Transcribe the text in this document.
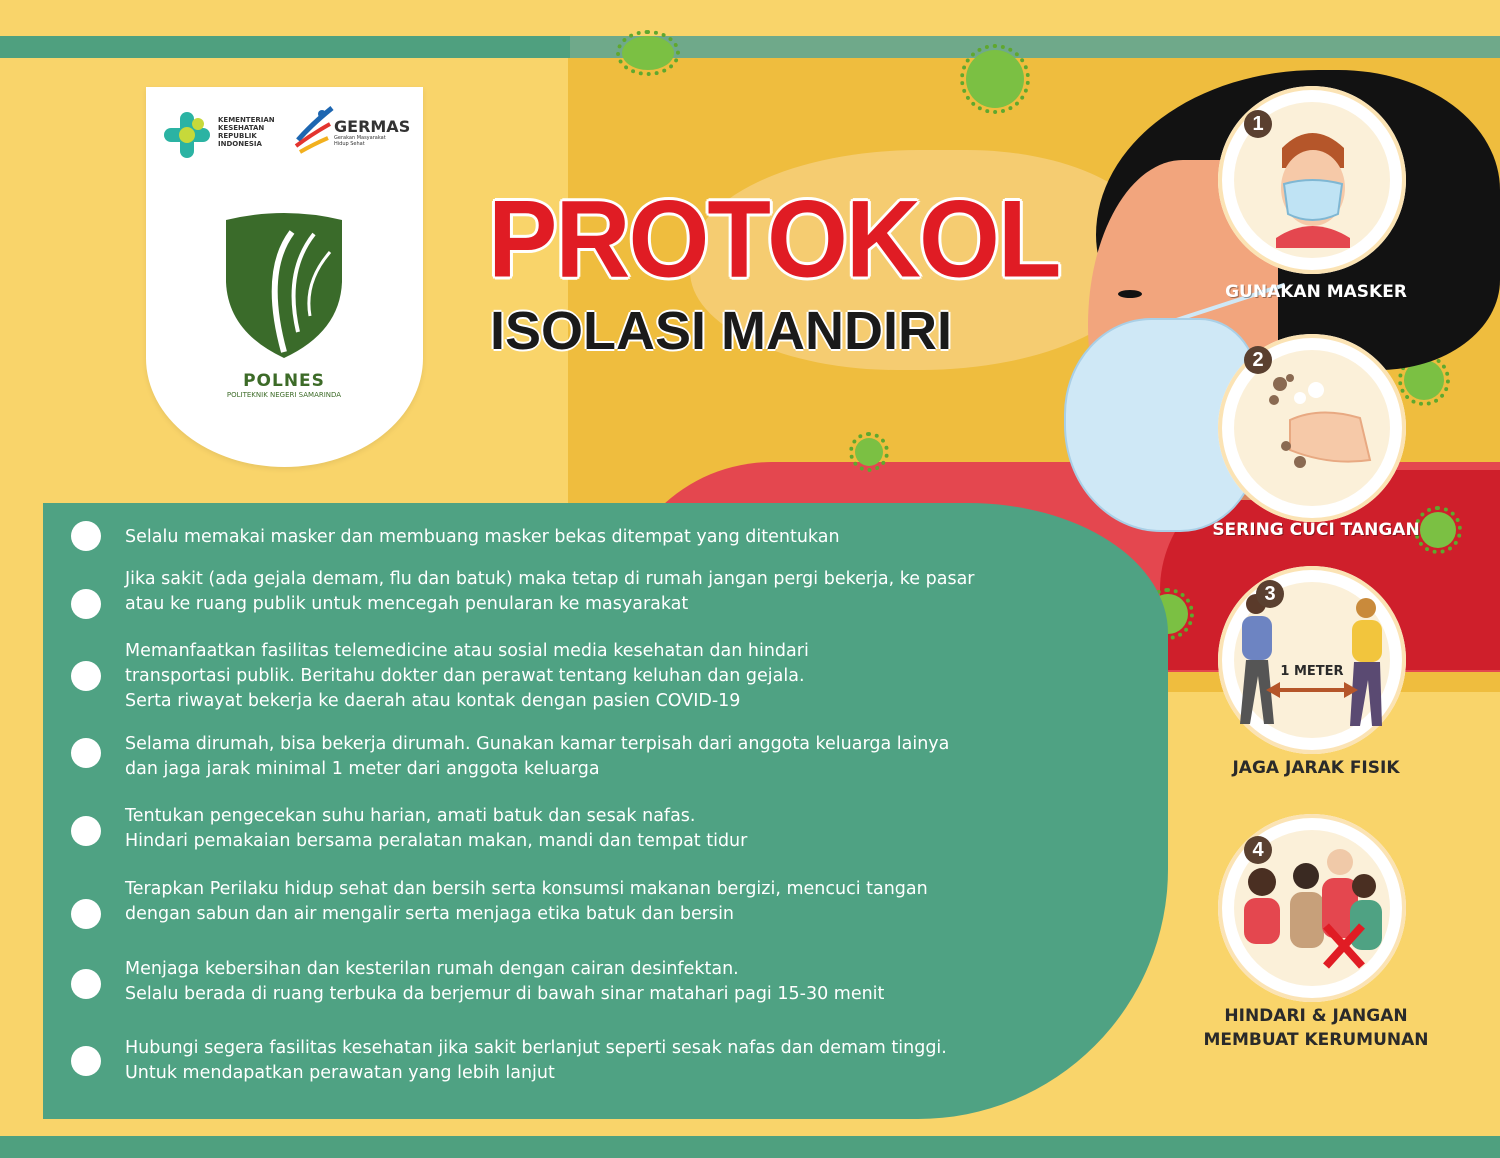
KEMENTERIAN
KESEHATAN
REPUBLIK
INDONESIA
GERMAS
Gerakan Masyarakat
Hidup Sehat
POLNES
POLITEKNIK NEGERI SAMARINDA
PROTOKOL
ISOLASI MANDIRI
1
GUNAKAN MASKER
2
SERING CUCI TANGAN
1 METER
3
JAGA JARAK FISIK
4
HINDARI & JANGAN
MEMBUAT KERUMUNAN
Selalu memakai masker dan membuang masker bekas ditempat yang ditentukan
Jika sakit (ada gejala demam, flu dan batuk) maka tetap di rumah jangan pergi bekerja, ke pasar
atau ke ruang publik untuk mencegah penularan ke masyarakat
Memanfaatkan fasilitas telemedicine atau sosial media kesehatan dan hindari
transportasi publik. Beritahu dokter dan perawat tentang keluhan dan gejala.
Serta riwayat bekerja ke daerah atau kontak dengan pasien COVID-19
Selama dirumah, bisa bekerja dirumah. Gunakan kamar terpisah dari anggota keluarga lainya
dan jaga jarak minimal 1 meter dari anggota keluarga
Tentukan pengecekan suhu harian, amati batuk dan sesak nafas.
Hindari pemakaian bersama peralatan makan, mandi dan tempat tidur
Terapkan Perilaku hidup sehat dan bersih serta konsumsi makanan bergizi, mencuci tangan
dengan sabun dan air mengalir serta menjaga etika batuk dan bersin
Menjaga kebersihan dan kesterilan rumah dengan cairan desinfektan.
Selalu berada di ruang terbuka da berjemur di bawah sinar matahari pagi 15-30 menit
Hubungi segera fasilitas kesehatan jika sakit berlanjut seperti sesak nafas dan demam tinggi.
Untuk mendapatkan perawatan yang lebih lanjut
